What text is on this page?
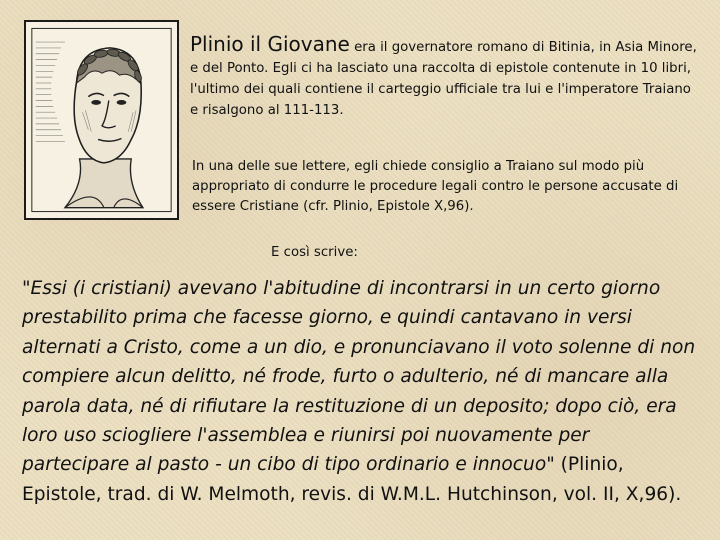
Plinio il Giovane era il governatore romano di Bitinia, in Asia Minore, e del Ponto. Egli ci ha lasciato una raccolta di epistole contenute in 10 libri, l'ultimo dei quali contiene il carteggio ufficiale tra lui e l'imperatore Traiano e risalgono al 111-113.

In una delle sue lettere, egli chiede consiglio a Traiano sul modo più appropriato di condurre le procedure legali contro le persone accusate di essere Cristiane (cfr. Plinio, Epistole X,96).

E così scrive:

"Essi (i cristiani) avevano l'abitudine di incontrarsi in un certo giorno prestabilito prima che facesse giorno, e quindi cantavano in versi alternati a Cristo, come a un dio, e pronunciavano il voto solenne di non compiere alcun delitto, né frode, furto o adulterio, né di mancare alla parola data, né di rifiutare la restituzione di un deposito; dopo ciò, era loro uso sciogliere l'assemblea e riunirsi poi nuovamente per partecipare al pasto - un cibo di tipo ordinario e innocuo" (Plinio, Epistole, trad. di W. Melmoth, revis. di W.M.L. Hutchinson, vol. II, X,96).
